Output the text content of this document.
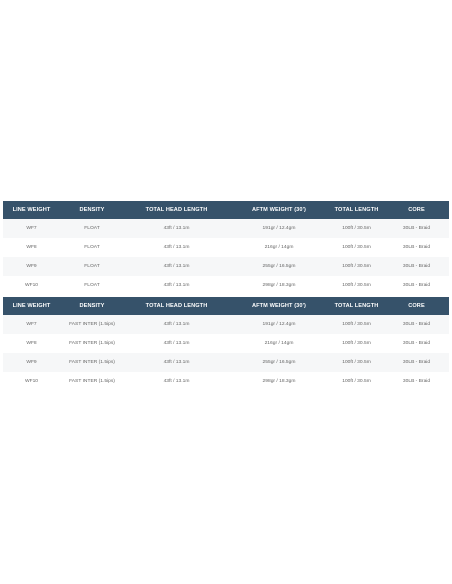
LINE WEIGHT	DENSITY	TOTAL HEAD LENGTH	AFTM WEIGHT (30')	TOTAL LENGTH	CORE
WF7	FLOAT	43ft / 13.1m	191gr / 12.4gm	100ft / 30.5m	30LB - Braid
WF8	FLOAT	43ft / 13.1m	216gr / 14gm	100ft / 30.5m	30LB - Braid
WF9	FLOAT	43ft / 13.1m	255gr / 16.5gm	100ft / 30.5m	30LB - Braid
WF10	FLOAT	43ft / 13.1m	298gr / 18.3gm	100ft / 30.5m	30LB - Braid
LINE WEIGHT	DENSITY	TOTAL HEAD LENGTH	AFTM WEIGHT (30')	TOTAL LENGTH	CORE
WF7	FAST INTER (1.5ips)	43ft / 13.1m	191gr / 12.4gm	100ft / 30.5m	30LB - Braid
WF8	FAST INTER (1.5ips)	43ft / 13.1m	216gr / 14gm	100ft / 30.5m	30LB - Braid
WF9	FAST INTER (1.5ips)	43ft / 13.1m	255gr / 16.5gm	100ft / 30.5m	30LB - Braid
WF10	FAST INTER (1.5ips)	43ft / 13.1m	298gr / 18.3gm	100ft / 30.5m	30LB - Braid
